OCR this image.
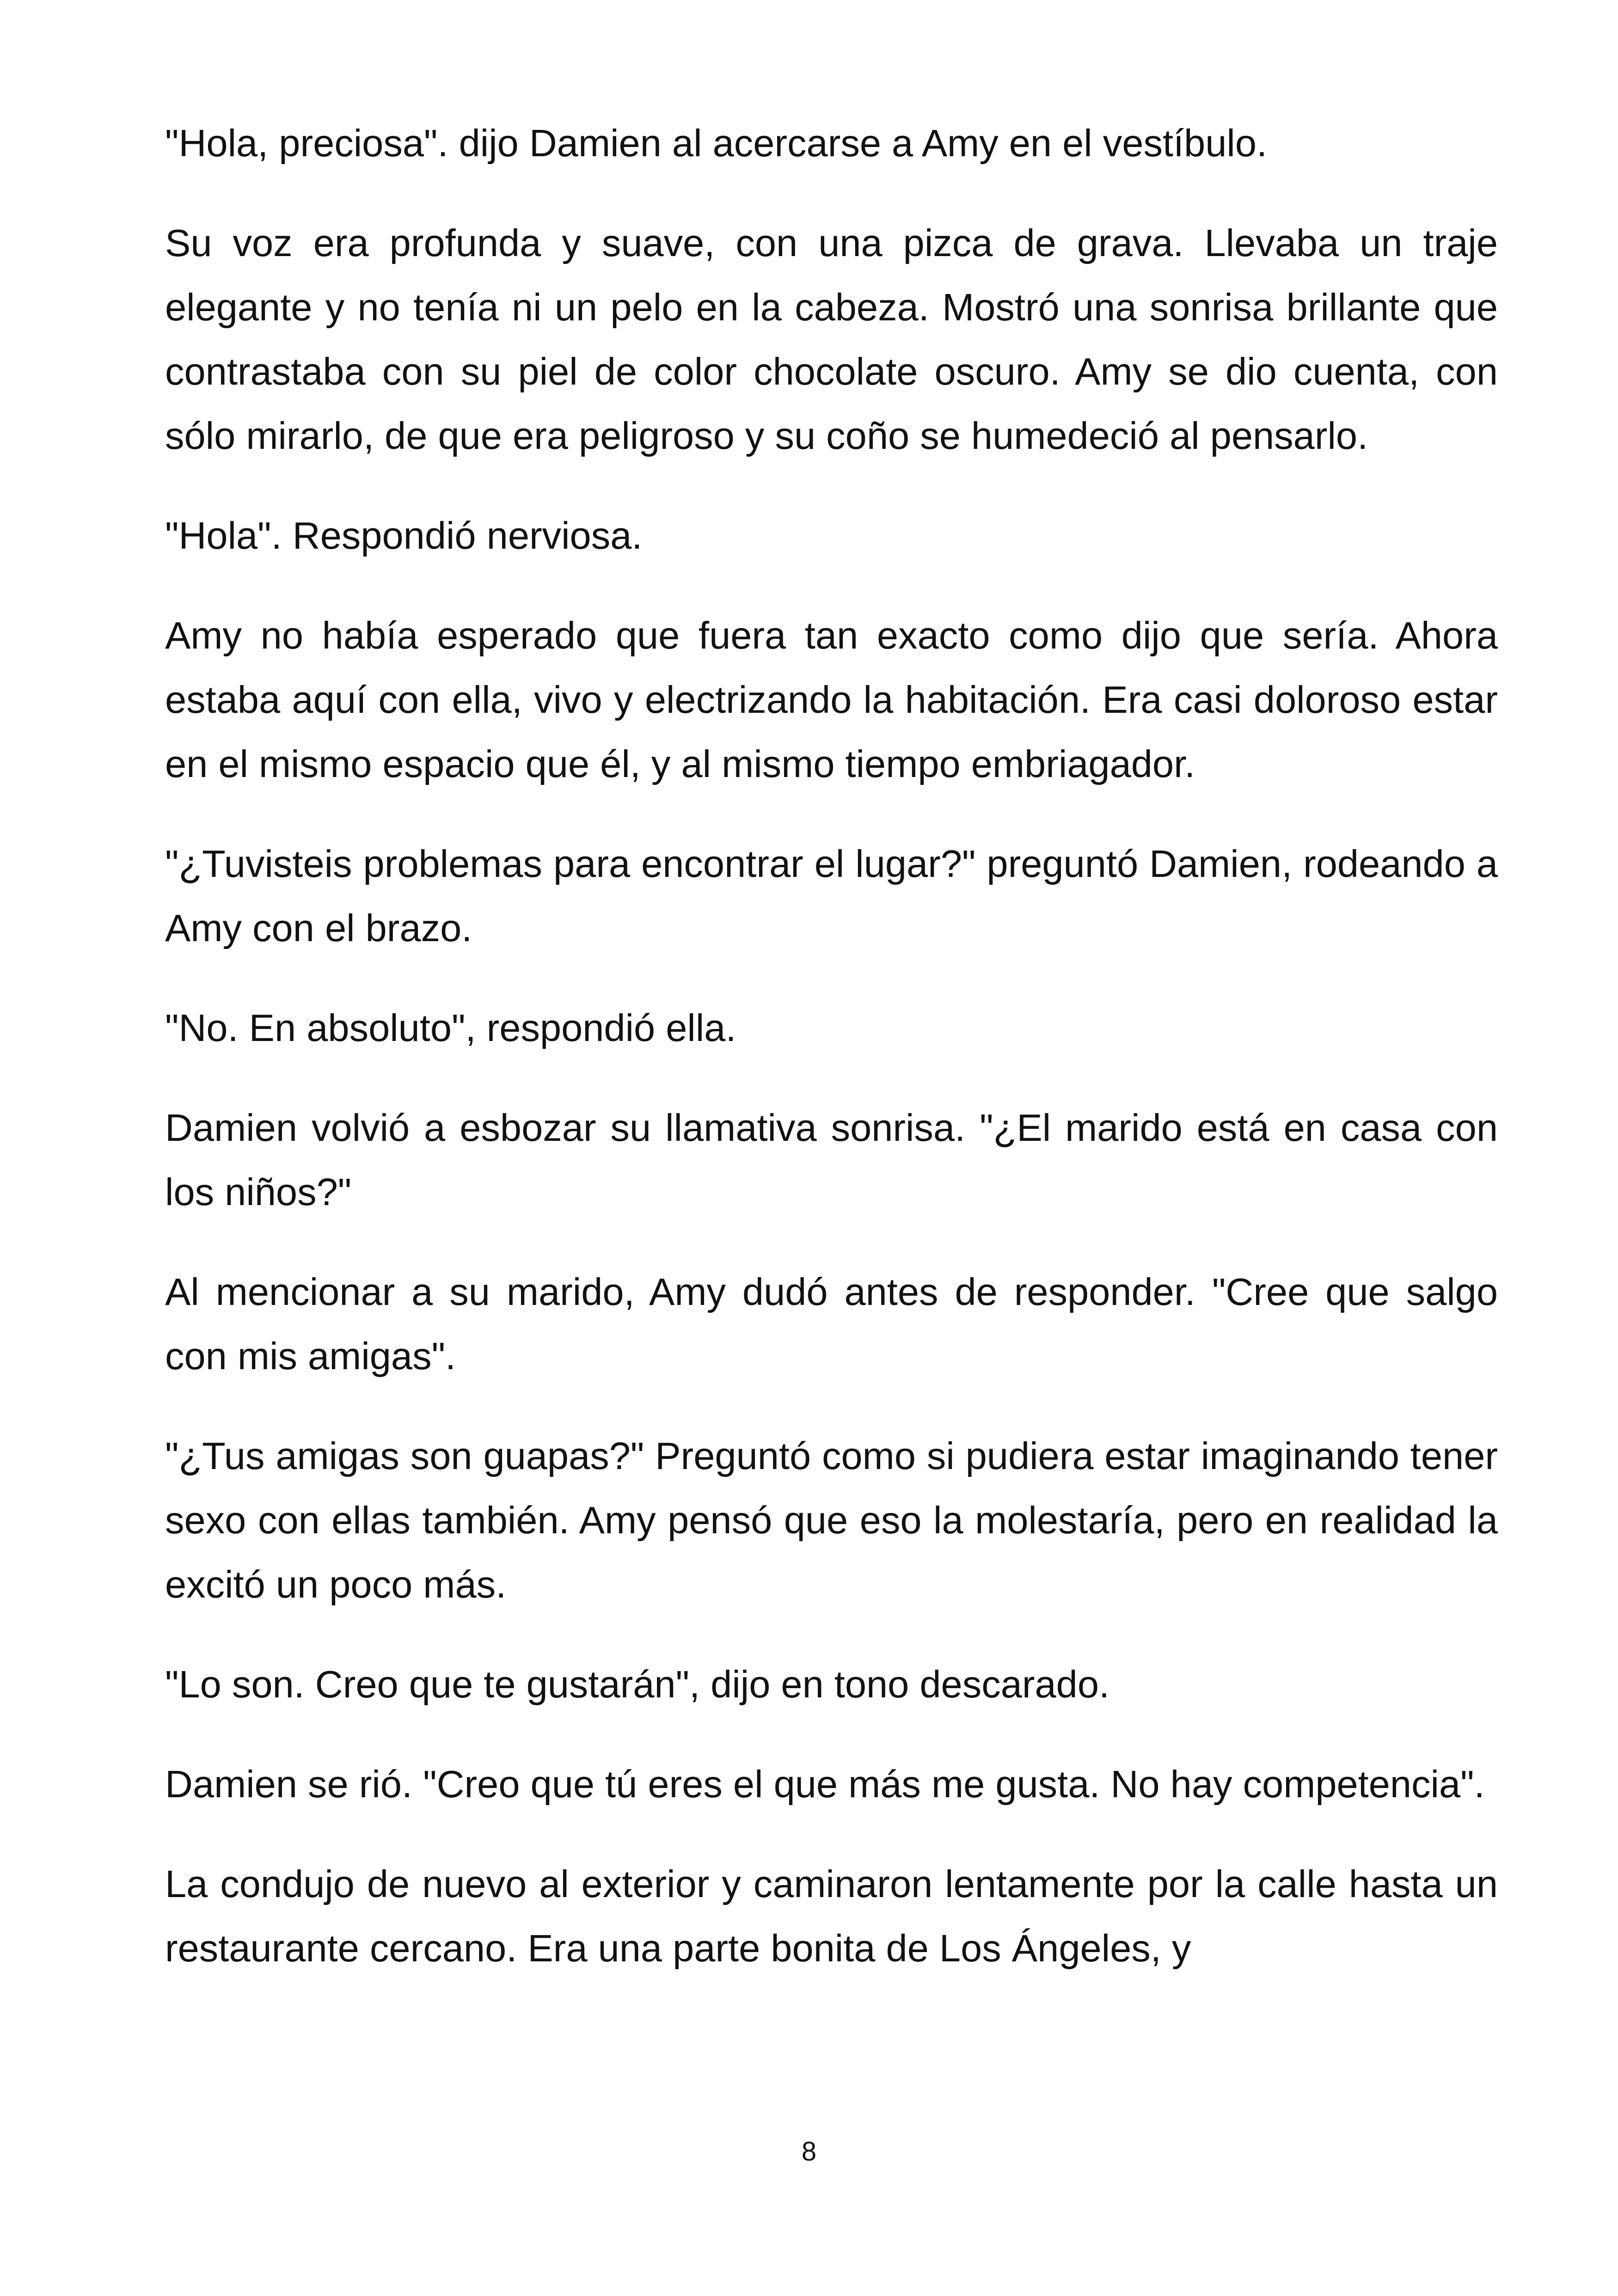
"Hola, preciosa". dijo Damien al acercarse a Amy en el vestíbulo.

Su voz era profunda y suave, con una pizca de grava. Llevaba un traje elegante y no tenía ni un pelo en la cabeza. Mostró una sonrisa brillante que contrastaba con su piel de color chocolate oscuro. Amy se dio cuenta, con sólo mirarlo, de que era peligroso y su coño se humedeció al pensarlo.

"Hola". Respondió nerviosa.

Amy no había esperado que fuera tan exacto como dijo que sería. Ahora estaba aquí con ella, vivo y electrizando la habitación. Era casi doloroso estar en el mismo espacio que él, y al mismo tiempo embriagador.

"¿Tuvisteis problemas para encontrar el lugar?" preguntó Damien, rodeando a Amy con el brazo.

"No. En absoluto", respondió ella.

Damien volvió a esbozar su llamativa sonrisa. "¿El marido está en casa con los niños?"

Al mencionar a su marido, Amy dudó antes de responder. "Cree que salgo con mis amigas".

"¿Tus amigas son guapas?" Preguntó como si pudiera estar imaginando tener sexo con ellas también. Amy pensó que eso la molestaría, pero en realidad la excitó un poco más.

"Lo son. Creo que te gustarán", dijo en tono descarado.

Damien se rió. "Creo que tú eres el que más me gusta. No hay competencia".

La condujo de nuevo al exterior y caminaron lentamente por la calle hasta un restaurante cercano. Era una parte bonita de Los Ángeles, y

8
